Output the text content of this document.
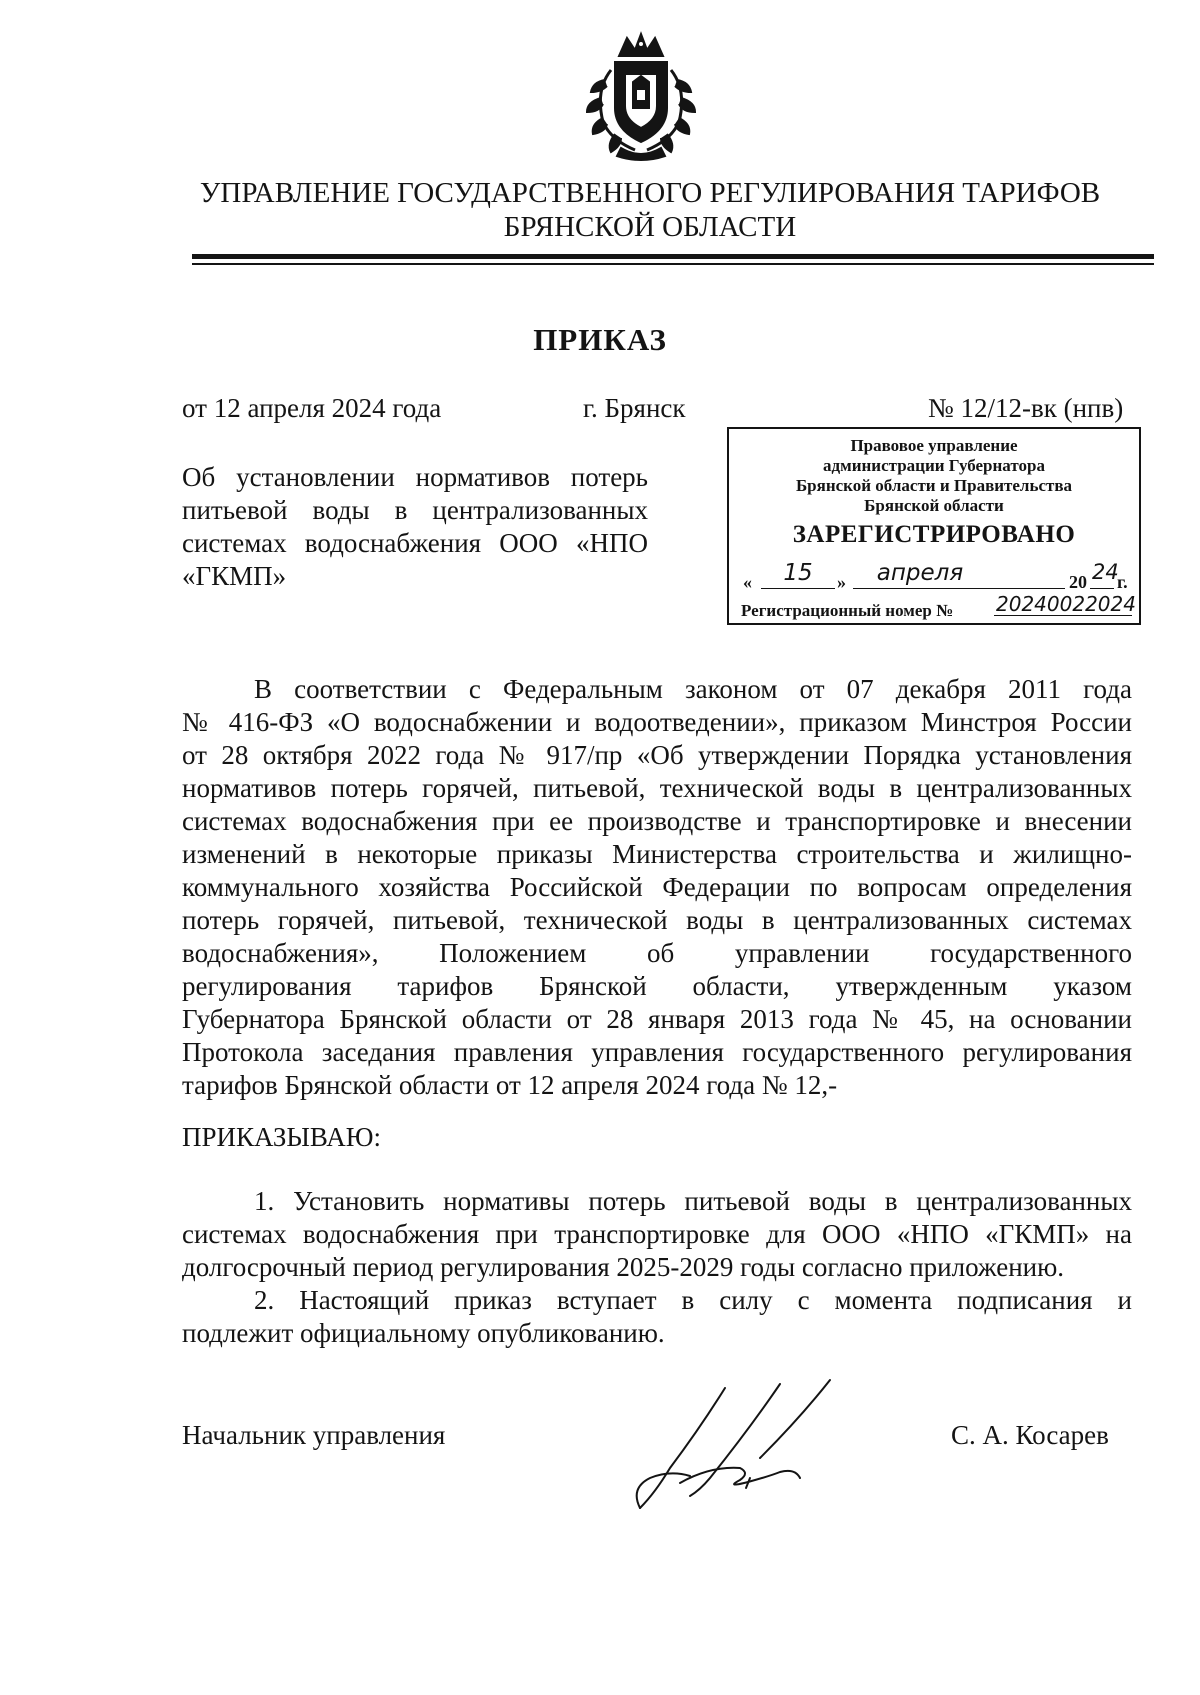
УПРАВЛЕНИЕ ГОСУДАРСТВЕННОГО РЕГУЛИРОВАНИЯ ТАРИФОВ
БРЯНСКОЙ ОБЛАСТИ
ПРИКАЗ
от 12 апреля 2024 года	г. Брянск	№ 12/12-вк (нпв)
Об установлении нормативов потерь
питьевой воды в централизованных
системах водоснабжения ООО «НПО
«ГКМП»
Правовое управление
администрации Губернатора
Брянской области и Правительства
Брянской области
ЗАРЕГИСТРИРОВАНО
«	15	»	апреля	20 24
г.
Регистрационный номер № 20240022024
В соответствии с Федеральным законом от 07 декабря 2011 года
№ 416-ФЗ «О водоснабжении и водоотведении», приказом Минстроя России
от 28 октября 2022 года № 917/пр «Об утверждении Порядка установления
нормативов потерь горячей, питьевой, технической воды в централизованных
системах водоснабжения при ее производстве и транспортировке и внесении
изменений в некоторые приказы Министерства строительства и жилищно-
коммунального хозяйства Российской Федерации по вопросам определения
потерь горячей, питьевой, технической воды в централизованных системах
водоснабжения», Положением об управлении государственного
регулирования тарифов Брянской области, утвержденным указом
Губернатора Брянской области от 28 января 2013 года № 45, на основании
Протокола заседания правления управления государственного регулирования
тарифов Брянской области от 12 апреля 2024 года № 12,-
ПРИКАЗЫВАЮ:
1. Установить нормативы потерь питьевой воды в централизованных
системах водоснабжения при транспортировке для ООО «НПО «ГКМП» на
долгосрочный период регулирования 2025-2029 годы согласно приложению.
2. Настоящий приказ вступает в силу с момента подписания и
подлежит официальному опубликованию.
Начальник управления	С. А. Косарев
